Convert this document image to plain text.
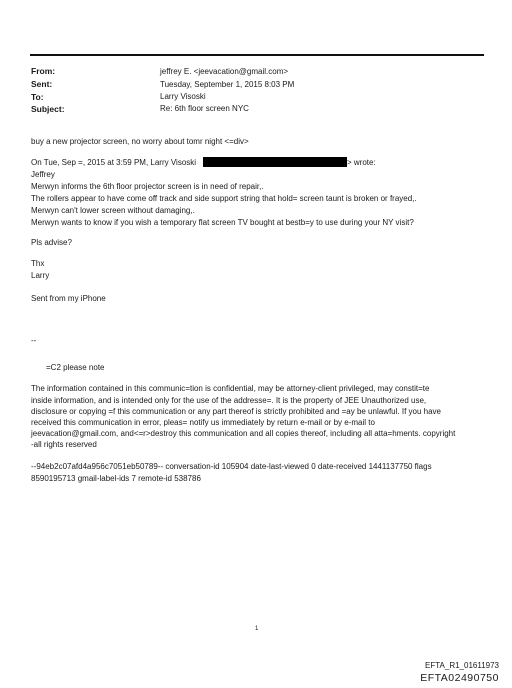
From:	jeffrey E. <jeevacation@gmail.com>
Sent:	Tuesday, September 1, 2015 8:03 PM
To:	Larry Visoski
Subject:	Re: 6th floor screen NYC
buy a new projector screen, no worry about tomr night <=div>
On Tue, Sep =, 2015 at 3:59 PM, Larry Visoski	> wrote:
Jeffrey
Merwyn informs the 6th floor projector screen is in need of repair,.
The rollers appear to have come off track and side support string that hold= screen taunt is broken or frayed,.
Merwyn can't lower screen without damaging,.
Merwyn wants to know if you wish a temporary flat screen TV bought at bestb=y to use during your NY visit?
Pls advise?
Thx
Larry
Sent from my iPhone
--
=C2 please note
The information contained in this communic=tion is confidential, may be attorney-client privileged, may constit=te
inside information, and is intended only for the use of the addresse=. It is the property of JEE Unauthorized use,
disclosure or copying =f this communication or any part thereof is strictly prohibited and =ay be unlawful. If you have
received this communication in error, pleas= notify us immediately by return e-mail or by e-mail to
jeevacation@gmail.com, and<=r>destroy this communication and all copies thereof, including all atta=hments. copyright
-all rights reserved
--94eb2c07afd4a956c7051eb50789-- conversation-id 105904 date-last-viewed 0 date-received 1441137750 flags
8590195713 gmail-label-ids 7 remote-id 538786
1
EFTA_R1_01611973
EFTA02490750
